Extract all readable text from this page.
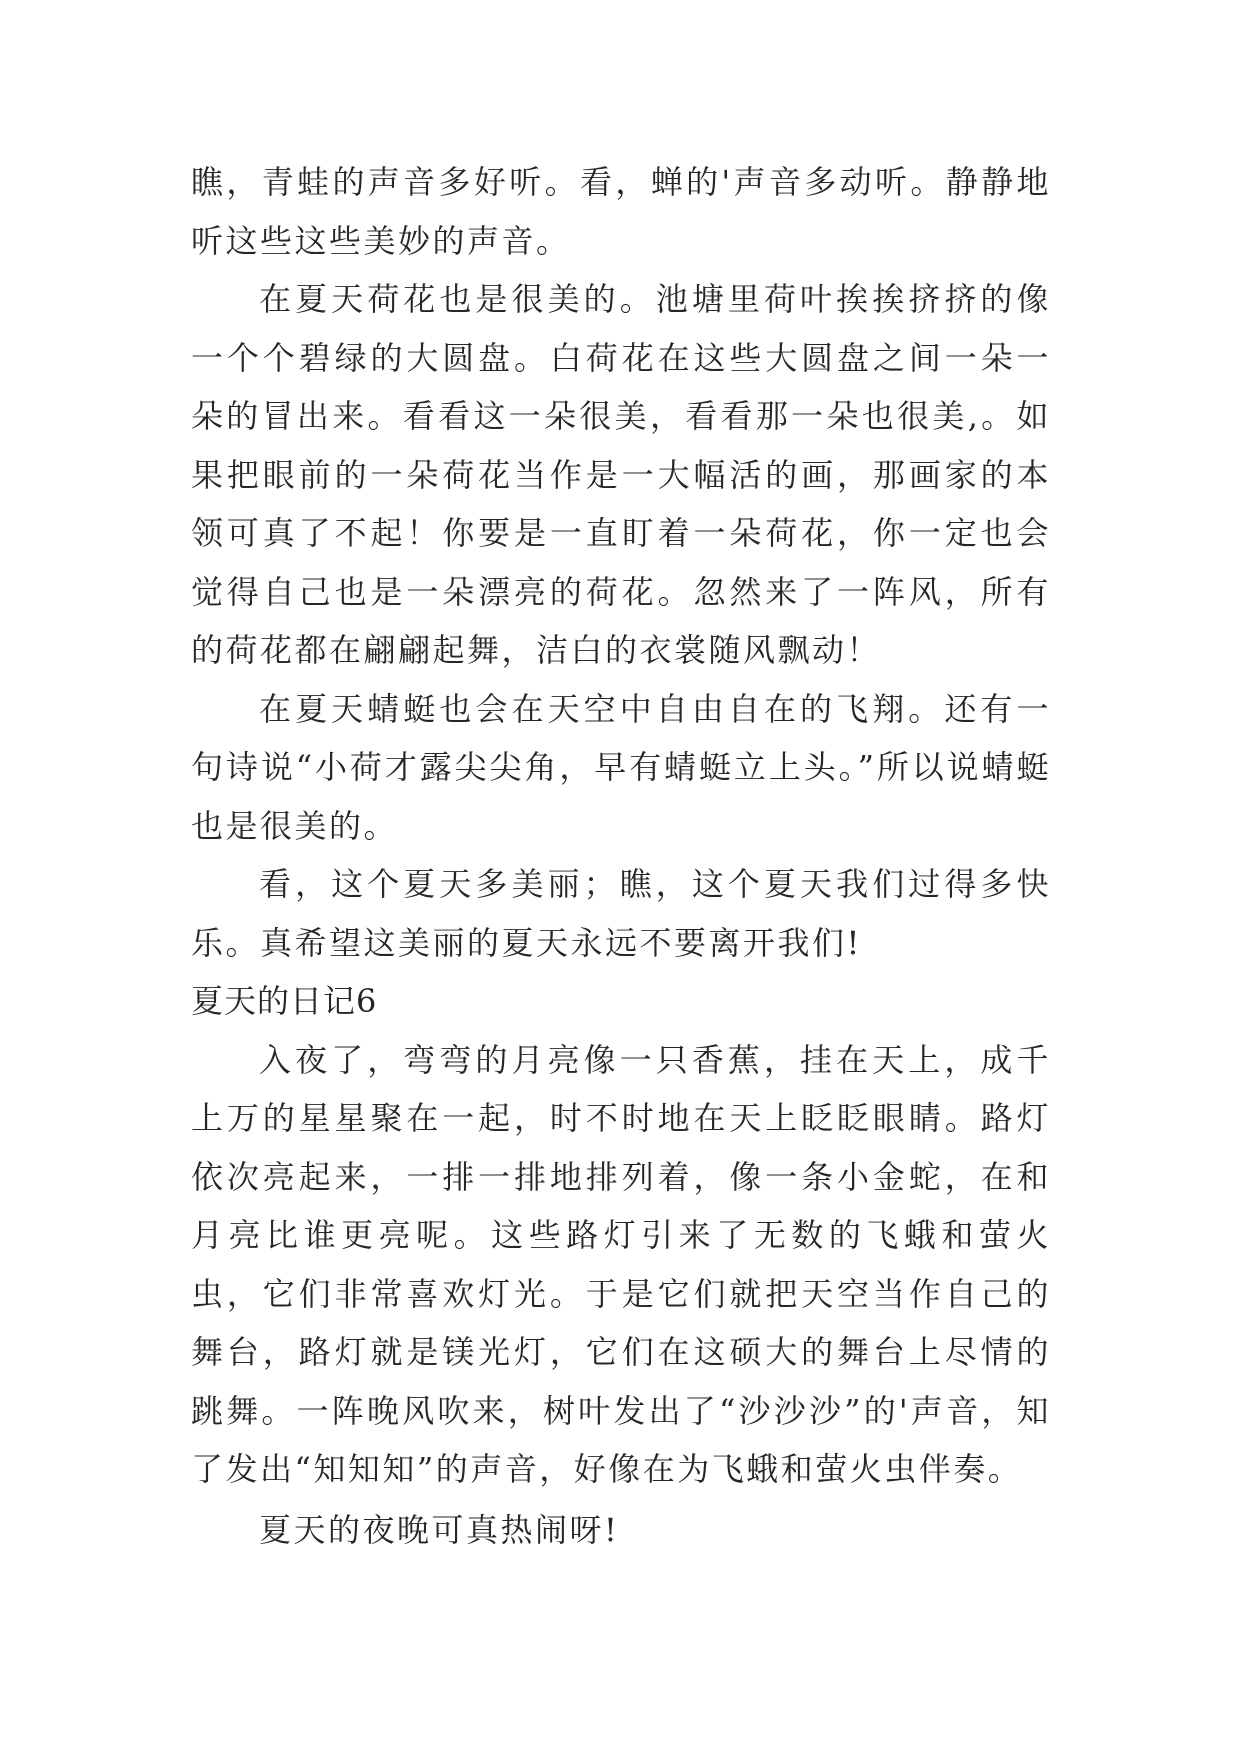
瞧，青蛙的声音多好听。看，蝉的'声音多动听。静静地听这些这些美妙的声音。

在夏天荷花也是很美的。池塘里荷叶挨挨挤挤的像一个个碧绿的大圆盘。白荷花在这些大圆盘之间一朵一朵的冒出来。看看这一朵很美，看看那一朵也很美,。如果把眼前的一朵荷花当作是一大幅活的画，那画家的本领可真了不起！你要是一直盯着一朵荷花，你一定也会觉得自己也是一朵漂亮的荷花。忽然来了一阵风，所有的荷花都在翩翩起舞，洁白的衣裳随风飘动！

在夏天蜻蜓也会在天空中自由自在的飞翔。还有一句诗说“小荷才露尖尖角，早有蜻蜓立上头。”所以说蜻蜓也是很美的。

看，这个夏天多美丽；瞧，这个夏天我们过得多快乐。真希望这美丽的夏天永远不要离开我们!

夏天的日记6

入夜了，弯弯的月亮像一只香蕉，挂在天上，成千上万的星星聚在一起，时不时地在天上眨眨眼睛。路灯依次亮起来，一排一排地排列着，像一条小金蛇，在和月亮比谁更亮呢。这些路灯引来了无数的飞蛾和萤火虫，它们非常喜欢灯光。于是它们就把天空当作自己的舞台，路灯就是镁光灯，它们在这硕大的舞台上尽情的跳舞。一阵晚风吹来，树叶发出了“沙沙沙”的'声音，知了发出“知知知”的声音，好像在为飞蛾和萤火虫伴奏。

夏天的夜晚可真热闹呀!
